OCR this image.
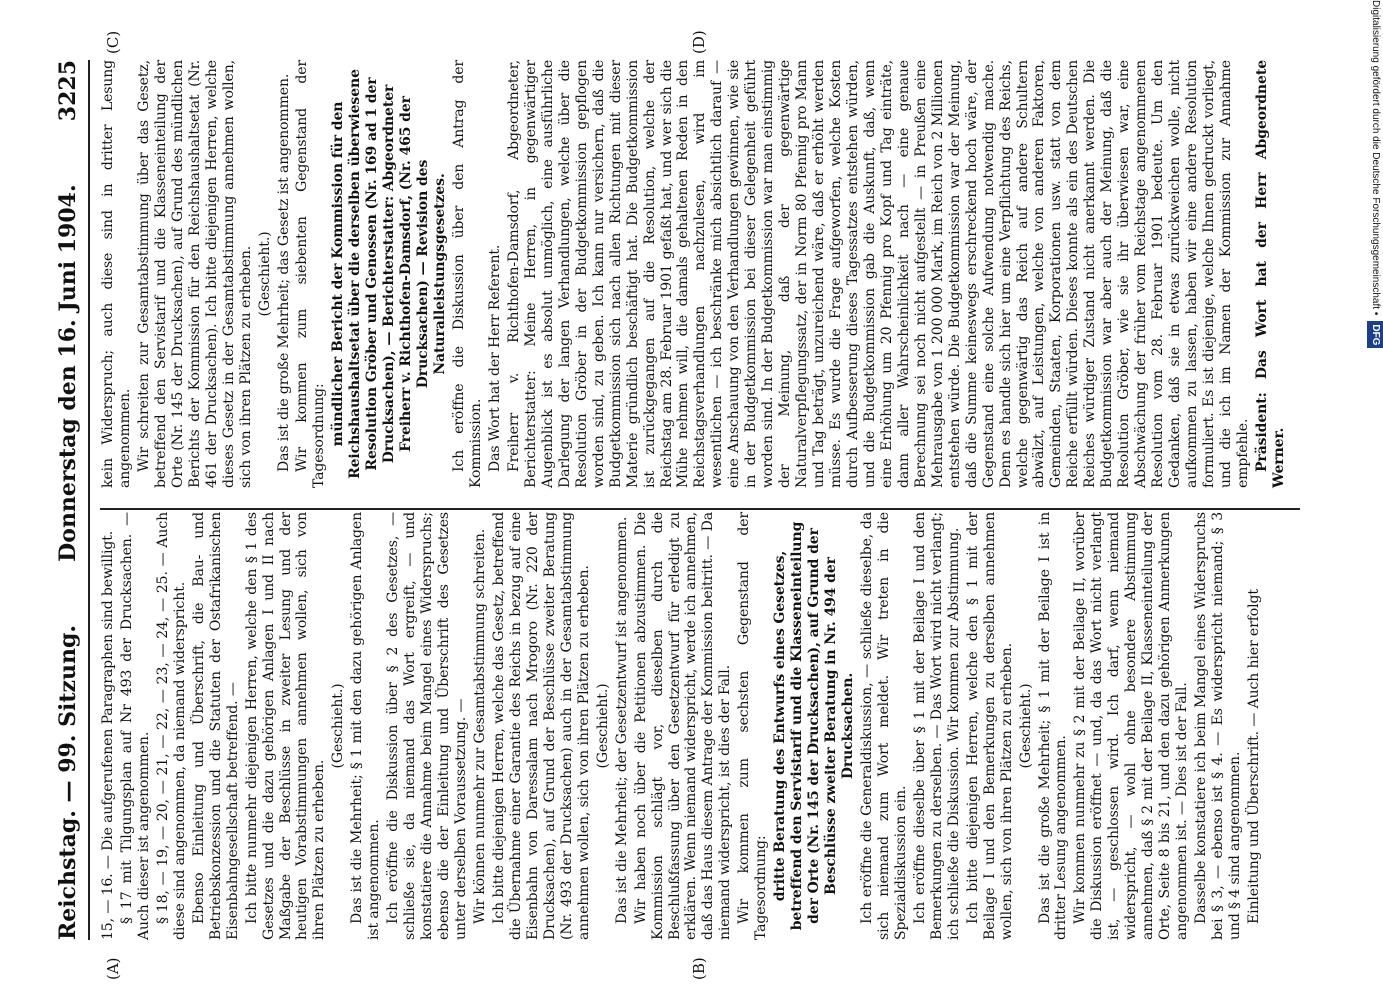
Reichstag. — 99. Sitzung.
Donnerstag den 16. Juni 1904.
3225
(A)	(B)
(C)	(D)

15, — 16. — Die aufgerufenen Paragraphen sind bewilligt. § 17 mit Tilgungsplan auf Nr 493 der Drucksachen. — Auch dieser ist angenommen. § 18, — 19, — 20, — 21, — 22, — 23, — 24, — 25. — Auch diese sind angenommen, da niemand widerspricht. Ebenso Einleitung und Überschrift, die Bau- und Betriebskonzession und die Statuten der Ostafrikanischen Eisenbahngesellschaft betreffend. — Ich bitte nunmehr diejenigen Herren, welche den § 1 des Gesetzes und die dazu gehörigen Anlagen I und II nach Maßgabe der Beschlüsse in zweiter Lesung und der heutigen Vorabstimmungen annehmen wollen, sich von ihren Plätzen zu erheben.

(Geschieht.) Das ist die Mehrheit; § 1 mit den dazu gehörigen Anlagen ist angenommen. Ich eröffne die Diskussion über § 2 des Gesetzes, — schließe sie, da niemand das Wort ergreift, — und konstatiere die Annahme beim Mangel eines Widerspruchs; ebenso die der Einleitung und Überschrift des Gesetzes unter derselben Voraussetzung. — Wir können nunmehr zur Gesamtabstimmung schreiten. Ich bitte diejenigen Herren, welche das Gesetz, betreffend die Übernahme einer Garantie des Reichs in bezug auf eine Eisenbahn von Daressalam nach Mrogoro (Nr. 220 der Drucksachen), auf Grund der Beschlüsse zweiter Beratung (Nr. 493 der Drucksachen) auch in der Gesamtabstimmung annehmen wollen, sich von ihren Plätzen zu erheben. (Geschieht.) Das ist die Mehrheit; der Gesetzentwurf ist angenommen. Wir haben noch über die Petitionen abzustimmen. Die Kommission schlägt vor, dieselben durch die Beschlußfassung über den Gesetzentwurf für erledigt zu erklären. Wenn niemand widerspricht, werde ich annehmen, daß das Haus diesem Antrage der Kommission beitritt. — Da niemand widerspricht, ist dies der Fall. Wir kommen zum sechsten Gegenstand der Tagesordnung: dritte Beratung des Entwurfs eines Gesetzes, betreffend den Servistarif und die Klasseneinteilung der Orte (Nr. 145 der Drucksachen), auf Grund der Beschlüsse zweiter Beratung in Nr. 494 der Drucksachen. Ich eröffne die Generaldiskussion, — schließe dieselbe, da sich niemand zum Wort meldet. Wir treten in die Spezialdiskussion ein. Ich eröffne dieselbe über § 1 mit der Beilage I und den Bemerkungen zu derselben. — Das Wort wird nicht verlangt; ich schließe die Diskussion. Wir kommen zur Abstimmung. Ich bitte diejenigen Herren, welche den § 1 mit der Beilage I und den Bemerkungen zu derselben annehmen wollen, sich von ihren Plätzen zu erheben. (Geschieht.) Das ist die große Mehrheit; § 1 mit der Beilage I ist in dritter Lesung angenommen. Wir kommen nunmehr zu § 2 mit der Beilage II, worüber die Diskussion eröffnet — und, da das Wort nicht verlangt ist, — geschlossen wird. Ich darf, wenn niemand widerspricht, — wohl ohne besondere Abstimmung annehmen, daß § 2 mit der Beilage II, Klasseneinteilung der Orte, Seite 8 bis 21, und den dazu gehörigen Anmerkungen angenommen ist. — Dies ist der Fall. Dasselbe konstatiere ich beim Mangel eines Widerspruchs bei § 3, — ebenso ist § 4. — Es widerspricht niemand; § 3 und § 4 sind angenommen. Einleitung und Überschrift. — Auch hier erfolgt

kein Widerspruch; auch diese sind in dritter Lesung angenommen. Wir schreiten zur Gesamtabstimmung über das Gesetz, betreffend den Servistarif und die Klasseneinteilung der Orte (Nr. 145 der Drucksachen), auf Grund des mündlichen Berichts der Kommission für den Reichshaushaltsetat (Nr. 461 der Drucksachen). Ich bitte diejenigen Herren, welche dieses Gesetz in der Gesamtabstimmung annehmen wollen, sich von ihren Plätzen zu erheben. (Geschieht.) Das ist die große Mehrheit; das Gesetz ist angenommen. Wir kommen zum siebenten Gegenstand der Tagesordnung: mündlicher Bericht der Kommission für den Reichshaushaltsetat über die derselben überwiesene Resolution Gröber und Genossen (Nr. 169 ad 1 der Drucksachen), — Berichterstatter: Abgeordneter Freiherr v. Richthofen-Damsdorf, (Nr. 465 der Drucksachen) — Revision des Naturalleistungsgesetzes. Ich eröffne die Diskussion über den Antrag der Kommission. Das Wort hat der Herr Referent. Freiherr v. Richthofen-Damsdorf, Abgeordneter, Berichterstatter: Meine Herren, in gegenwärtiger Augenblick ist es absolut unmöglich, eine ausführliche Darlegung der langen Verhandlungen, welche über die Resolution Gröber in der Budgetkommission gepflogen worden sind, zu geben. Ich kann nur versichern, daß die Budgetkommission sich nach allen Richtungen mit dieser Materie gründlich beschäftigt hat. Die Budgetkommission ist zurückgegangen auf die Resolution, welche der Reichstag am 28. Februar 1901 gefaßt hat, und wer sich die Mühe nehmen will, die damals gehaltenen Reden in den Reichstagsverhandlungen nachzulesen, wird im wesentlichen — ich beschränke mich absichtlich darauf — eine Anschauung von den Verhandlungen gewinnen, wie sie in der Budgetkommission bei dieser Gelegenheit geführt worden sind. In der Budgetkommission war man einstimmig der Meinung, daß der gegenwärtige Naturalverpflegungssatz, der in Norm 80 Pfennig pro Mann und Tag beträgt, unzureichend wäre, daß er erhöht werden müsse. Es wurde die Frage aufgeworfen, welche Kosten durch Aufbesserung dieses Tagessatzes entstehen würden, und die Budgetkommission gab die Auskunft, daß, wenn eine Erhöhung um 20 Pfennig pro Kopf und Tag einträte, dann aller Wahrscheinlichkeit nach — eine genaue Berechnung sei noch nicht aufgestellt — in Preußen eine Mehrausgabe von 1 200 000 Mark, im Reich von 2 Millionen entstehen würde. Die Budgetkommission war der Meinung, daß die Summe keineswegs erschreckend hoch wäre, der Gegenstand eine solche Aufwendung notwendig mache. Denn es handle sich hier um eine Verpflichtung des Reichs, welche gegenwärtig das Reich auf andere Schultern abwälzt, auf Leistungen, welche von anderen Faktoren, Gemeinden, Staaten, Korporationen usw. statt von dem Reiche erfüllt würden. Dieses konnte als ein des Deutschen Reiches würdiger Zustand nicht anerkannt werden. Die Budgetkommission war aber auch der Meinung, daß die Resolution Gröber, wie sie ihr überwiesen war, eine Abschwächung der früher vom Reichstage angenommenen Resolution vom 28. Februar 1901 bedeute. Um den Gedanken, daß sie in etwas zurückweichen wolle, nicht aufkommen zu lassen, haben wir eine andere Resolution formuliert. Es ist diejenige, welche Ihnen gedruckt vorliegt, und die ich im Namen der Kommission zur Annahme empfehle. Präsident: Das Wort hat der Herr Abgeordnete Werner.

Digitalisierung gefördert durch die Deutsche Forschungsgemeinschaft •DFG
